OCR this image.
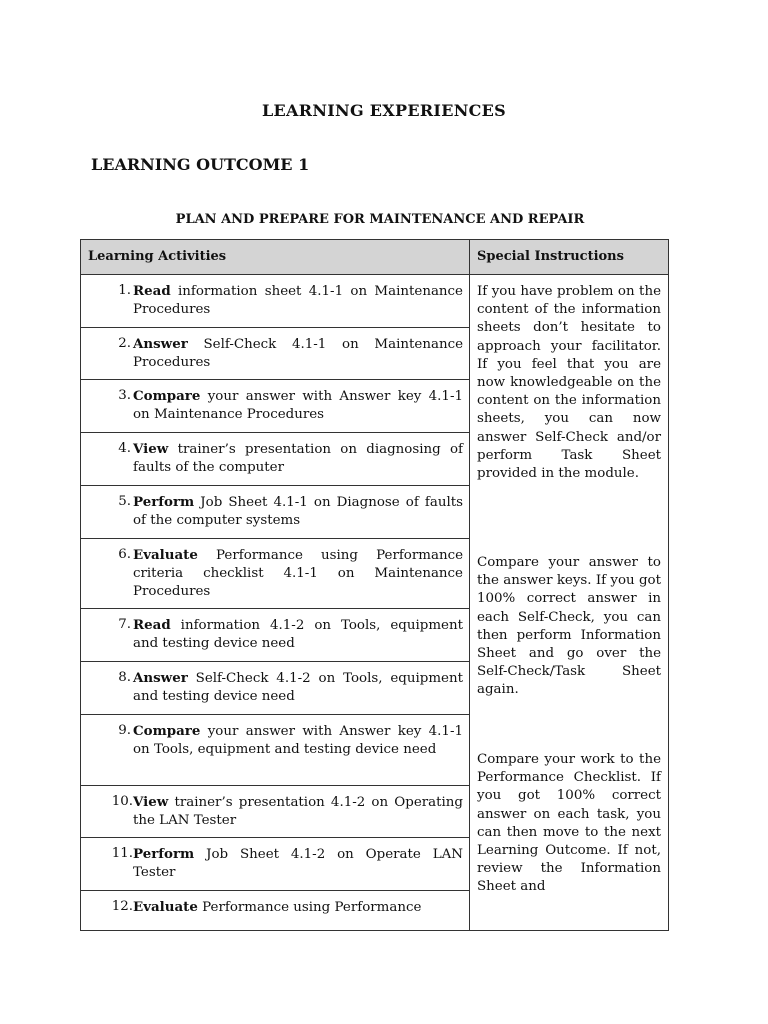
LEARNING EXPERIENCES
LEARNING OUTCOME 1
PLAN AND PREPARE FOR MAINTENANCE AND REPAIR
Learning Activities	Special Instructions
1. Read information sheet 4.1-1 on Maintenance Procedures
2. Answer Self-Check 4.1-1 on Maintenance Procedures
3. Compare your answer with Answer key 4.1-1 on Maintenance Procedures
4. View trainer’s presentation on diagnosing of faults of the computer
5. Perform Job Sheet 4.1-1 on Diagnose of faults of the computer systems
6. Evaluate Performance using Performance criteria checklist 4.1-1 on Maintenance Procedures
7. Read information 4.1-2 on Tools, equipment and testing device need
8. Answer Self-Check 4.1-2 on Tools, equipment and testing device need
9. Compare your answer with Answer key 4.1-1 on Tools, equipment and testing device need
10. View trainer’s presentation 4.1-2 on Operating the LAN Tester
11. Perform Job Sheet 4.1-2 on Operate LAN Tester
12. Evaluate Performance using Performance

If you have problem on the content of the information sheets don’t hesitate to approach your facilitator. If you feel that you are now knowledgeable on the content on the information sheets, you can now answer Self-Check and/or perform Task Sheet provided in the module.

Compare your answer to the answer keys. If you got 100% correct answer in each Self-Check, you can then perform Information Sheet and go over the Self-Check/Task Sheet again.

Compare your work to the Performance Checklist. If you got 100% correct answer on each task, you can then move to the next Learning Outcome. If not, review the Information Sheet and
